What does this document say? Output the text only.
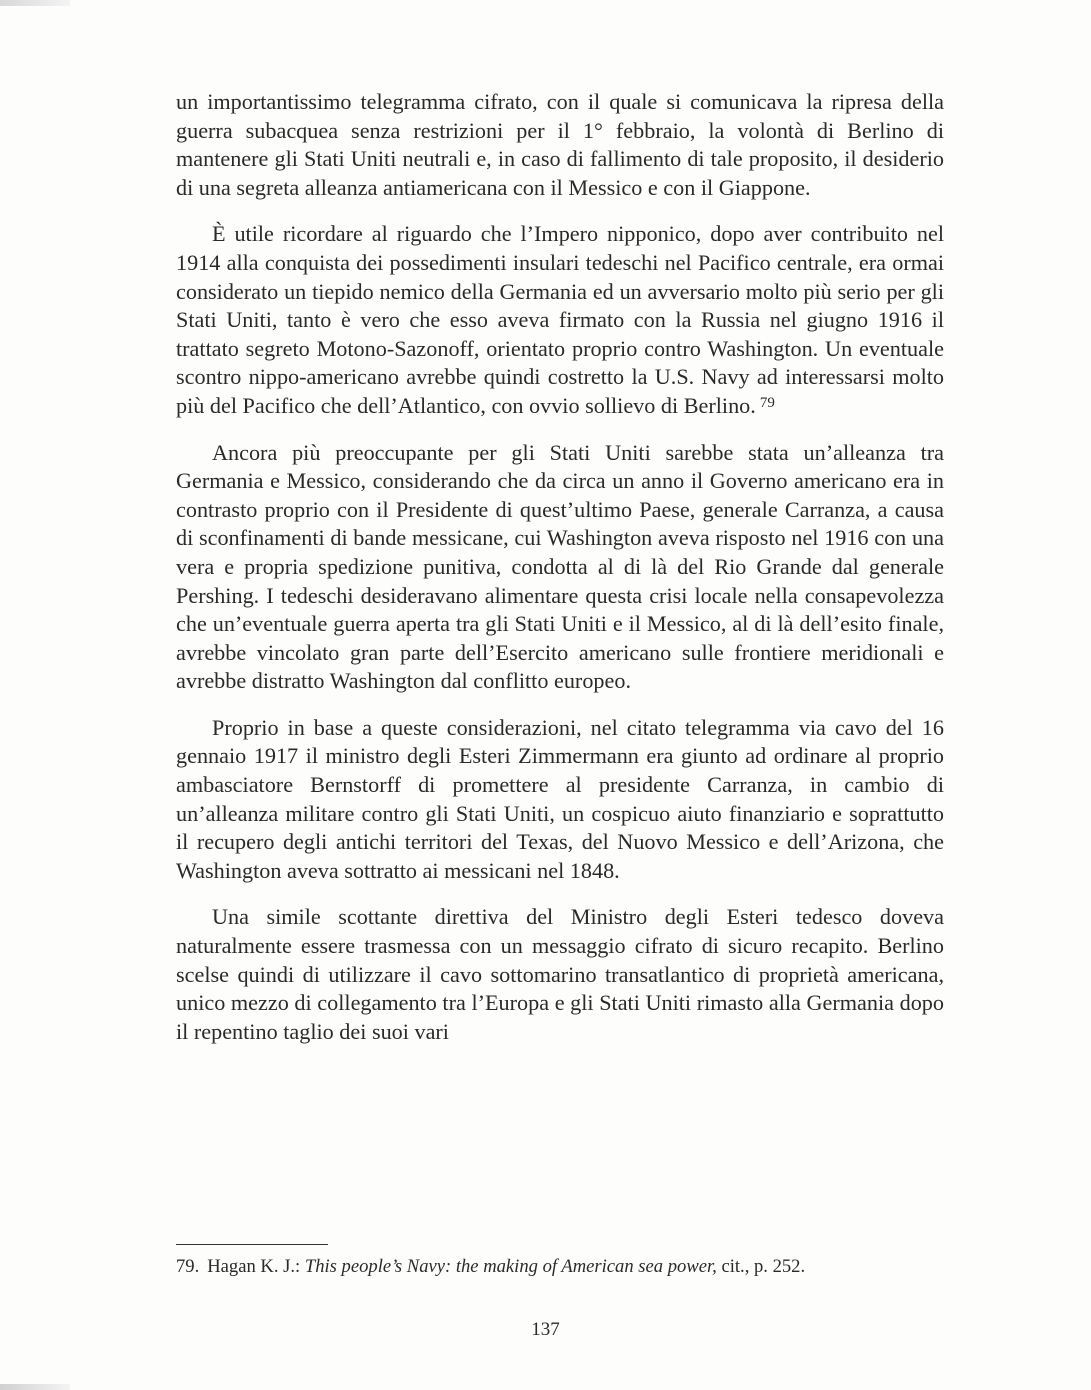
un importantissimo telegramma cifrato, con il quale si comunicava la ripresa della guerra subacquea senza restrizioni per il 1° febbraio, la volontà di Berlino di mantenere gli Stati Uniti neutrali e, in caso di fallimento di tale proposito, il desiderio di una segreta alleanza antiamericana con il Messico e con il Giappone.

È utile ricordare al riguardo che l’Impero nipponico, dopo aver contribuito nel 1914 alla conquista dei possedimenti insulari tedeschi nel Pacifico centrale, era ormai considerato un tiepido nemico della Germania ed un avversario molto più serio per gli Stati Uniti, tanto è vero che esso aveva firmato con la Russia nel giugno 1916 il trattato segreto Motono-Sazonoff, orientato proprio contro Washington. Un eventuale scontro nippo-americano avrebbe quindi costretto la U.S. Navy ad interessarsi molto più del Pacifico che dell’Atlantico, con ovvio sollievo di Berlino. $^{79}$

Ancora più preoccupante per gli Stati Uniti sarebbe stata un’alleanza tra Germania e Messico, considerando che da circa un anno il Governo americano era in contrasto proprio con il Presidente di quest’ultimo Paese, generale Carranza, a causa di sconfinamenti di bande messicane, cui Washington aveva risposto nel 1916 con una vera e propria spedizione punitiva, condotta al di là del Rio Grande dal generale Pershing. I tedeschi desideravano alimentare questa crisi locale nella consapevolezza che un’eventuale guerra aperta tra gli Stati Uniti e il Messico, al di là dell’esito finale, avrebbe vincolato gran parte dell’Esercito americano sulle frontiere meridionali e avrebbe distratto Washington dal conflitto europeo.

Proprio in base a queste considerazioni, nel citato telegramma via cavo del 16 gennaio 1917 il ministro degli Esteri Zimmermann era giunto ad ordinare al proprio ambasciatore Bernstorff di promettere al presidente Carranza, in cambio di un’alleanza militare contro gli Stati Uniti, un cospicuo aiuto finanziario e soprattutto il recupero degli antichi territori del Texas, del Nuovo Messico e dell’Arizona, che Washington aveva sottratto ai messicani nel 1848.

Una simile scottante direttiva del Ministro degli Esteri tedesco doveva naturalmente essere trasmessa con un messaggio cifrato di sicuro recapito. Berlino scelse quindi di utilizzare il cavo sottomarino transatlantico di proprietà americana, unico mezzo di collegamento tra l’Europa e gli Stati Uniti rimasto alla Germania dopo il repentino taglio dei suoi vari

79. Hagan K. J.: This people’s Navy: the making of American sea power, cit., p. 252.

137
